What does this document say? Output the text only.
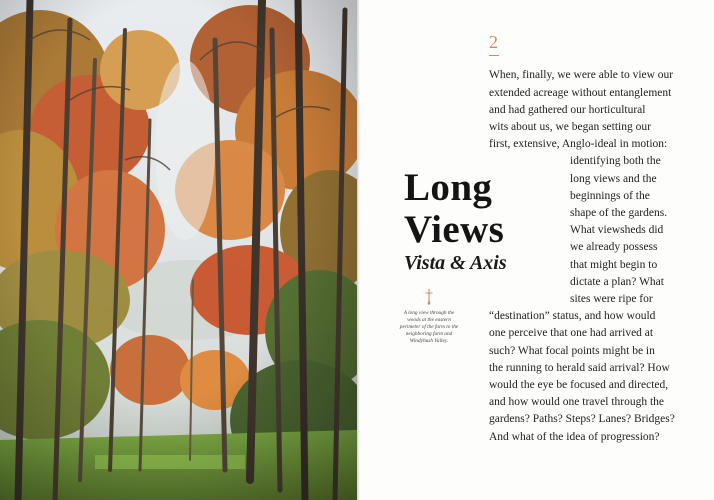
2

Long
Views

Vista & Axis

A long view through the woods at the eastern perimeter of the farm to the neighboring farm and Windyhush Valley.

When, finally, we were able to view our

extended acreage without entanglement

and had gathered our horticultural

wits about us, we began setting our

first, extensive, Anglo-ideal in motion:

identifying both the

long views and the

beginnings of the

shape of the gardens.

What viewsheds did

we already possess

that might begin to

dictate a plan? What

sites were ripe for

“destination” status, and how would

one perceive that one had arrived at

such? What focal points might be in

the running to herald said arrival? How

would the eye be focused and directed,

and how would one travel through the

gardens? Paths? Steps? Lanes? Bridges?

And what of the idea of progression?
